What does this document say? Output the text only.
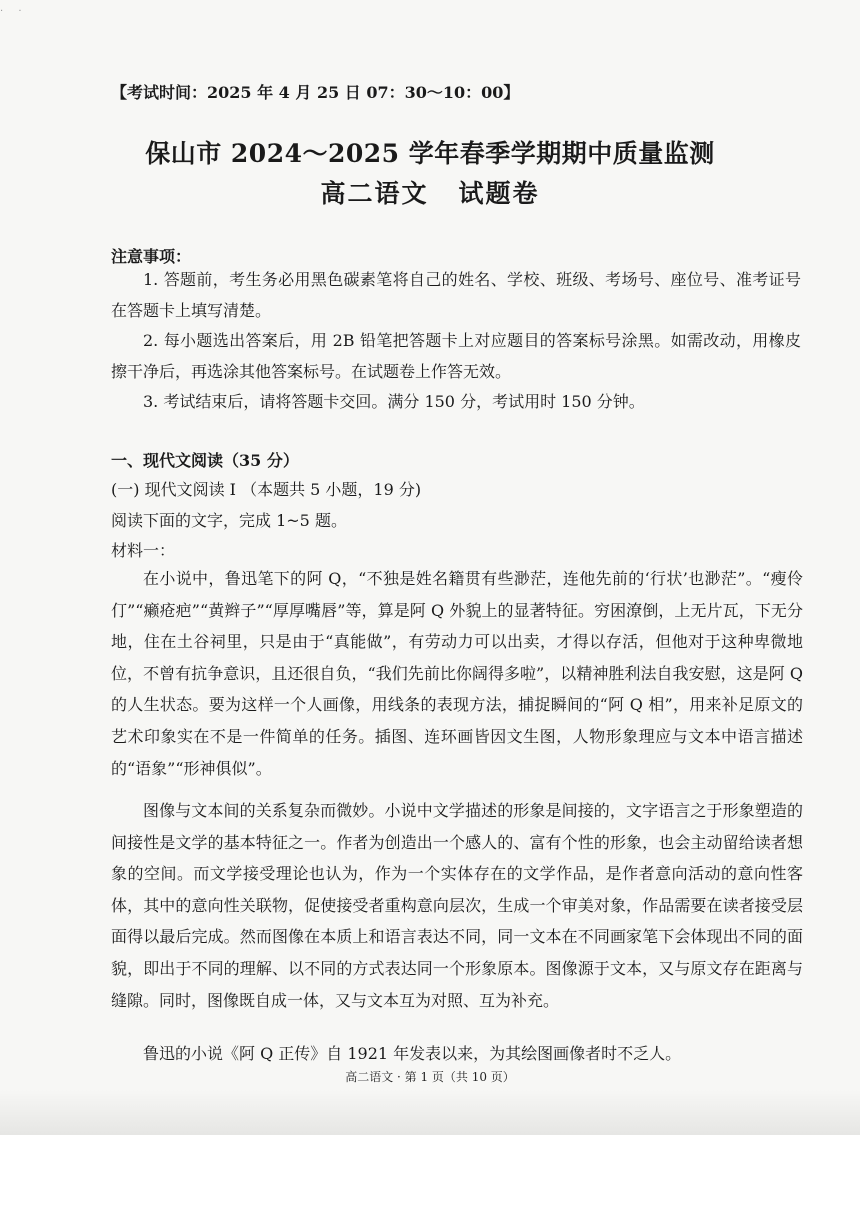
· ·
【考试时间：2025 年 4 月 25 日 07：30～10：00】
保山市 2024～2025 学年春季学期期中质量监测
高二语文 试题卷
注意事项：
1. 答题前，考生务必用黑色碳素笔将自己的姓名、学校、班级、考场号、座位号、准考证号在答题卡上填写清楚。
2. 每小题选出答案后，用 2B 铅笔把答题卡上对应题目的答案标号涂黑。如需改动，用橡皮擦干净后，再选涂其他答案标号。在试题卷上作答无效。
3. 考试结束后，请将答题卡交回。满分 150 分，考试用时 150 分钟。
一、现代文阅读（35 分）
(一) 现代文阅读 I （本题共 5 小题，19 分)
阅读下面的文字，完成 1~5 题。
材料一：
在小说中，鲁迅笔下的阿 Q，“不独是姓名籍贯有些渺茫，连他先前的‘行状’也渺茫”。“瘦伶仃”“癞疮疤”“黄辫子”“厚厚嘴唇”等，算是阿 Q 外貌上的显著特征。穷困潦倒，上无片瓦，下无分地，住在土谷祠里，只是由于“真能做”，有劳动力可以出卖，才得以存活，但他对于这种卑微地位，不曾有抗争意识，且还很自负，“我们先前比你阔得多啦”，以精神胜利法自我安慰，这是阿 Q 的人生状态。要为这样一个人画像，用线条的表现方法，捕捉瞬间的“阿 Q 相”，用来补足原文的艺术印象实在不是一件简单的任务。插图、连环画皆因文生图，人物形象理应与文本中语言描述的“语象”“形神俱似”。
图像与文本间的关系复杂而微妙。小说中文学描述的形象是间接的，文字语言之于形象塑造的间接性是文学的基本特征之一。作者为创造出一个感人的、富有个性的形象，也会主动留给读者想象的空间。而文学接受理论也认为，作为一个实体存在的文学作品，是作者意向活动的意向性客体，其中的意向性关联物，促使接受者重构意向层次，生成一个审美对象，作品需要在读者接受层面得以最后完成。然而图像在本质上和语言表达不同，同一文本在不同画家笔下会体现出不同的面貌，即出于不同的理解、以不同的方式表达同一个形象原本。图像源于文本，又与原文存在距离与缝隙。同时，图像既自成一体，又与文本互为对照、互为补充。
鲁迅的小说《阿 Q 正传》自 1921 年发表以来，为其绘图画像者时不乏人。
高二语文 · 第 1 页（共 10 页）
